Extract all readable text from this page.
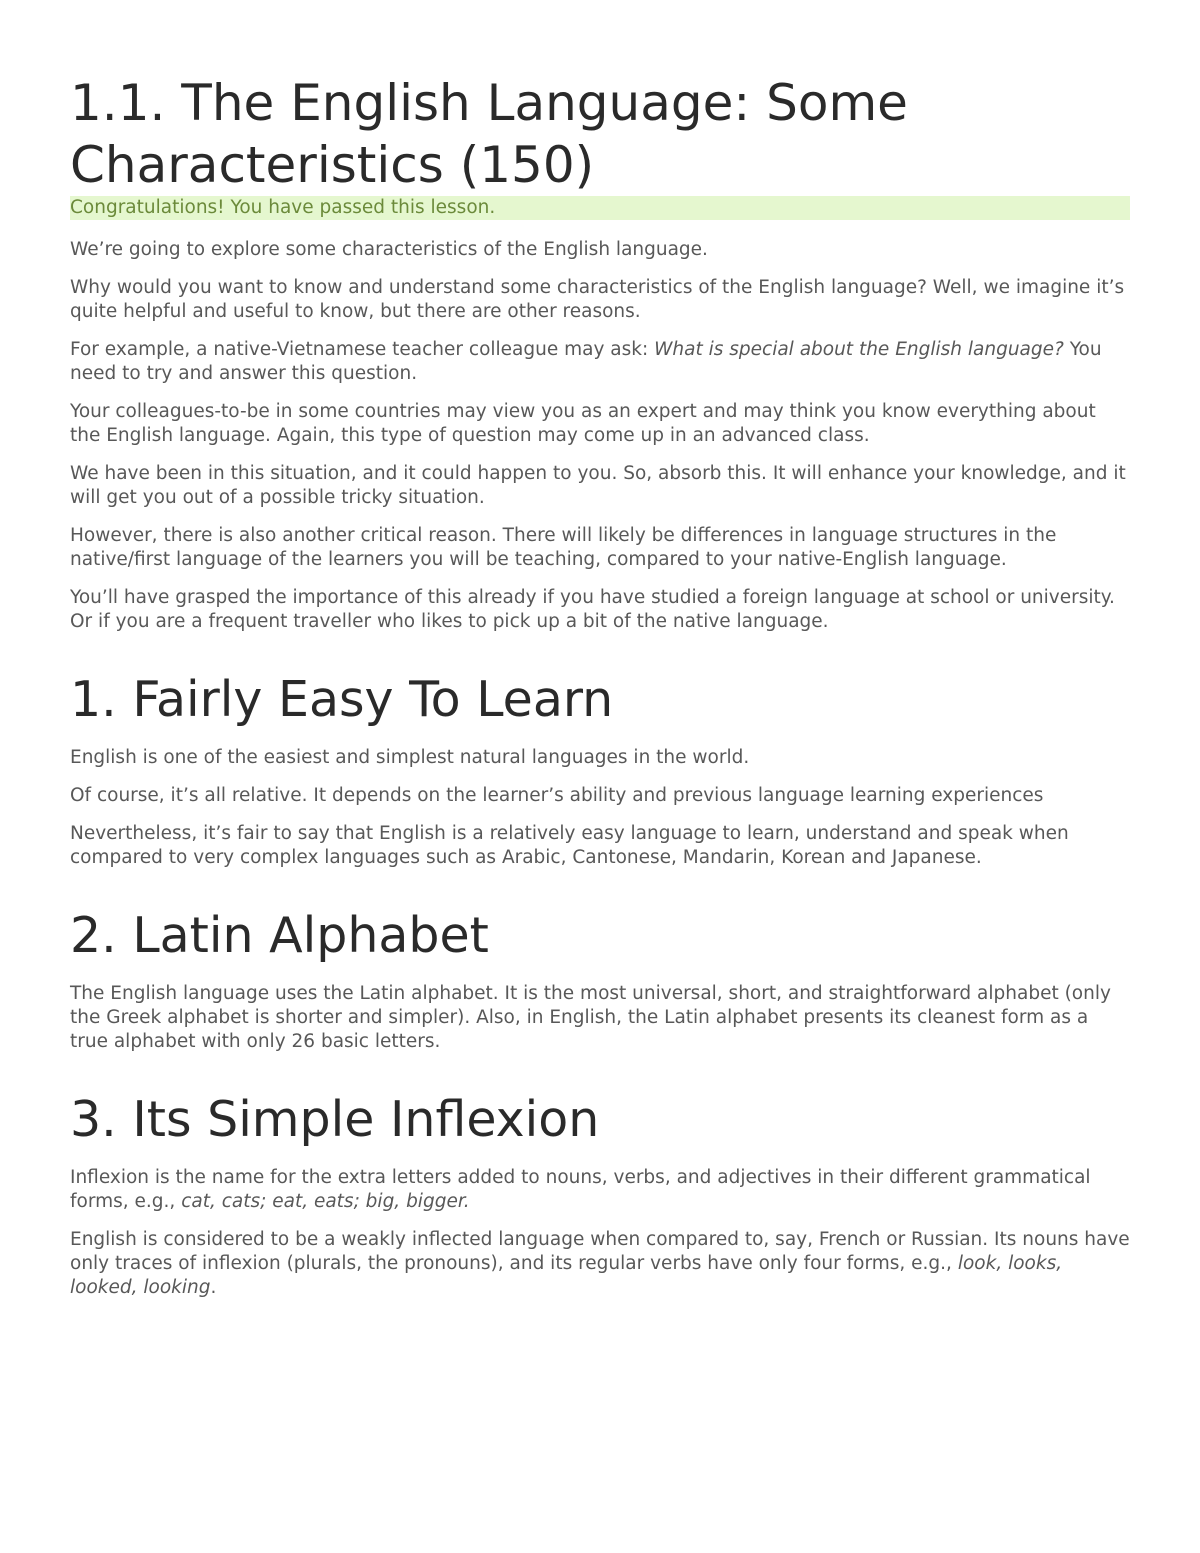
1.1. The English Language: Some Characteristics (150)
Congratulations! You have passed this lesson.

We’re going to explore some characteristics of the English language.

Why would you want to know and understand some characteristics of the English language? Well, we imagine it’s quite helpful and useful to know, but there are other reasons.

For example, a native-Vietnamese teacher colleague may ask: What is special about the English language? You need to try and answer this question.

Your colleagues-to-be in some countries may view you as an expert and may think you know everything about the English language. Again, this type of question may come up in an advanced class.

We have been in this situation, and it could happen to you. So, absorb this. It will enhance your knowledge, and it will get you out of a possible tricky situation.

However, there is also another critical reason. There will likely be differences in language structures in the native/first language of the learners you will be teaching, compared to your native-English language.

You’ll have grasped the importance of this already if you have studied a foreign language at school or university. Or if you are a frequent traveller who likes to pick up a bit of the native language.

1. Fairly Easy To Learn

English is one of the easiest and simplest natural languages in the world.

Of course, it’s all relative. It depends on the learner’s ability and previous language learning experiences

Nevertheless, it’s fair to say that English is a relatively easy language to learn, understand and speak when compared to very complex languages such as Arabic, Cantonese, Mandarin, Korean and Japanese.

2. Latin Alphabet

The English language uses the Latin alphabet. It is the most universal, short, and straightforward alphabet (only the Greek alphabet is shorter and simpler). Also, in English, the Latin alphabet presents its cleanest form as a true alphabet with only 26 basic letters.

3. Its Simple Inflexion

Inflexion is the name for the extra letters added to nouns, verbs, and adjectives in their different grammatical forms, e.g., cat, cats; eat, eats; big, bigger.

English is considered to be a weakly inflected language when compared to, say, French or Russian. Its nouns have only traces of inflexion (plurals, the pronouns), and its regular verbs have only four forms, e.g., look, looks, looked, looking.
